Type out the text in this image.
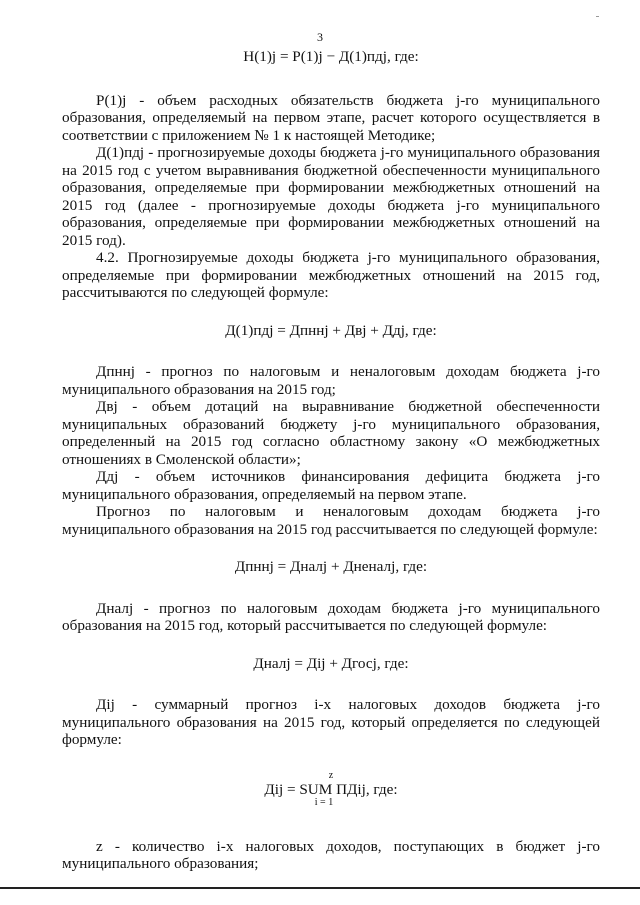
3

Н(1)j = Р(1)j − Д(1)пдj, где:

Р(1)j - объем расходных обязательств бюджета j-го муниципального образования, определяемый на первом этапе, расчет которого осуществляется в соответствии с приложением № 1 к настоящей Методике;

Д(1)пдj - прогнозируемые доходы бюджета j-го муниципального образования на 2015 год с учетом выравнивания бюджетной обеспеченности муниципального образования, определяемые при формировании межбюджетных отношений на 2015 год (далее - прогнозируемые доходы бюджета j-го муниципального образования, определяемые при формировании межбюджетных отношений на 2015 год).

4.2. Прогнозируемые доходы бюджета j-го муниципального образования, определяемые при формировании межбюджетных отношений на 2015 год, рассчитываются по следующей формуле:

Д(1)пдj = Дпннj + Двj + Ддj, где:

Дпннj - прогноз по налоговым и неналоговым доходам бюджета j-го муниципального образования на 2015 год;

Двj - объем дотаций на выравнивание бюджетной обеспеченности муниципальных образований бюджету j-го муниципального образования, определенный на 2015 год согласно областному закону «О межбюджетных отношениях в Смоленской области»;

Ддj - объем источников финансирования дефицита бюджета j-го муниципального образования, определяемый на первом этапе.

Прогноз по налоговым и неналоговым доходам бюджета j-го муниципального образования на 2015 год рассчитывается по следующей формуле:

Дпннj = Дналj + Дненалj, где:

Дналj - прогноз по налоговым доходам бюджета j-го муниципального образования на 2015 год, который рассчитывается по следующей формуле:

Дналj = Дij + Дгосj, где:

Дij - суммарный прогноз i-х налоговых доходов бюджета j-го муниципального образования на 2015 год, который определяется по следующей формуле:

z
Дij = SUM ПДij, где:
i = 1

z - количество i-х налоговых доходов, поступающих в бюджет j-го муниципального образования;
